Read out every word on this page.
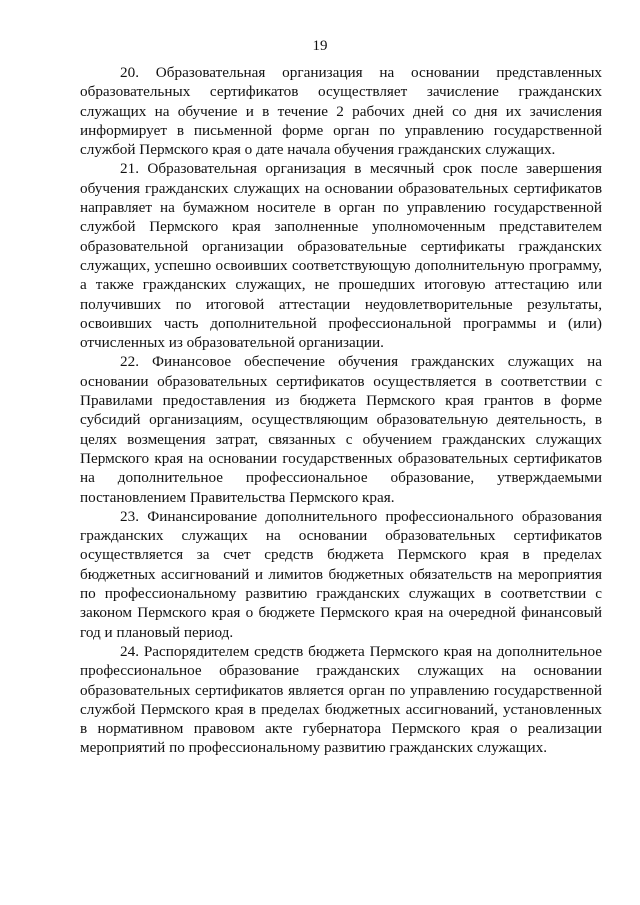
19

20. Образовательная организация на основании представленных образовательных сертификатов осуществляет зачисление гражданских служащих на обучение и в течение 2 рабочих дней со дня их зачисления информирует в письменной форме орган по управлению государственной службой Пермского края о дате начала обучения гражданских служащих.

21. Образовательная организация в месячный срок после завершения обучения гражданских служащих на основании образовательных сертификатов направляет на бумажном носителе в орган по управлению государственной службой Пермского края заполненные уполномоченным представителем образовательной организации образовательные сертификаты гражданских служащих, успешно освоивших соответствующую дополнительную программу, а также гражданских служащих, не прошедших итоговую аттестацию или получивших по итоговой аттестации неудовлетворительные результаты, освоивших часть дополнительной профессиональной программы и (или) отчисленных из образовательной организации.

22. Финансовое обеспечение обучения гражданских служащих на основании образовательных сертификатов осуществляется в соответствии с Правилами предоставления из бюджета Пермского края грантов в форме субсидий организациям, осуществляющим образовательную деятельность, в целях возмещения затрат, связанных с обучением гражданских служащих Пермского края на основании государственных образовательных сертификатов на дополнительное профессиональное образование, утверждаемыми постановлением Правительства Пермского края.

23. Финансирование дополнительного профессионального образования гражданских служащих на основании образовательных сертификатов осуществляется за счет средств бюджета Пермского края в пределах бюджетных ассигнований и лимитов бюджетных обязательств на мероприятия по профессиональному развитию гражданских служащих в соответствии с законом Пермского края о бюджете Пермского края на очередной финансовый год и плановый период.

24. Распорядителем средств бюджета Пермского края на дополнительное профессиональное образование гражданских служащих на основании образовательных сертификатов является орган по управлению государственной службой Пермского края в пределах бюджетных ассигнований, установленных в нормативном правовом акте губернатора Пермского края о реализации мероприятий по профессиональному развитию гражданских служащих.
